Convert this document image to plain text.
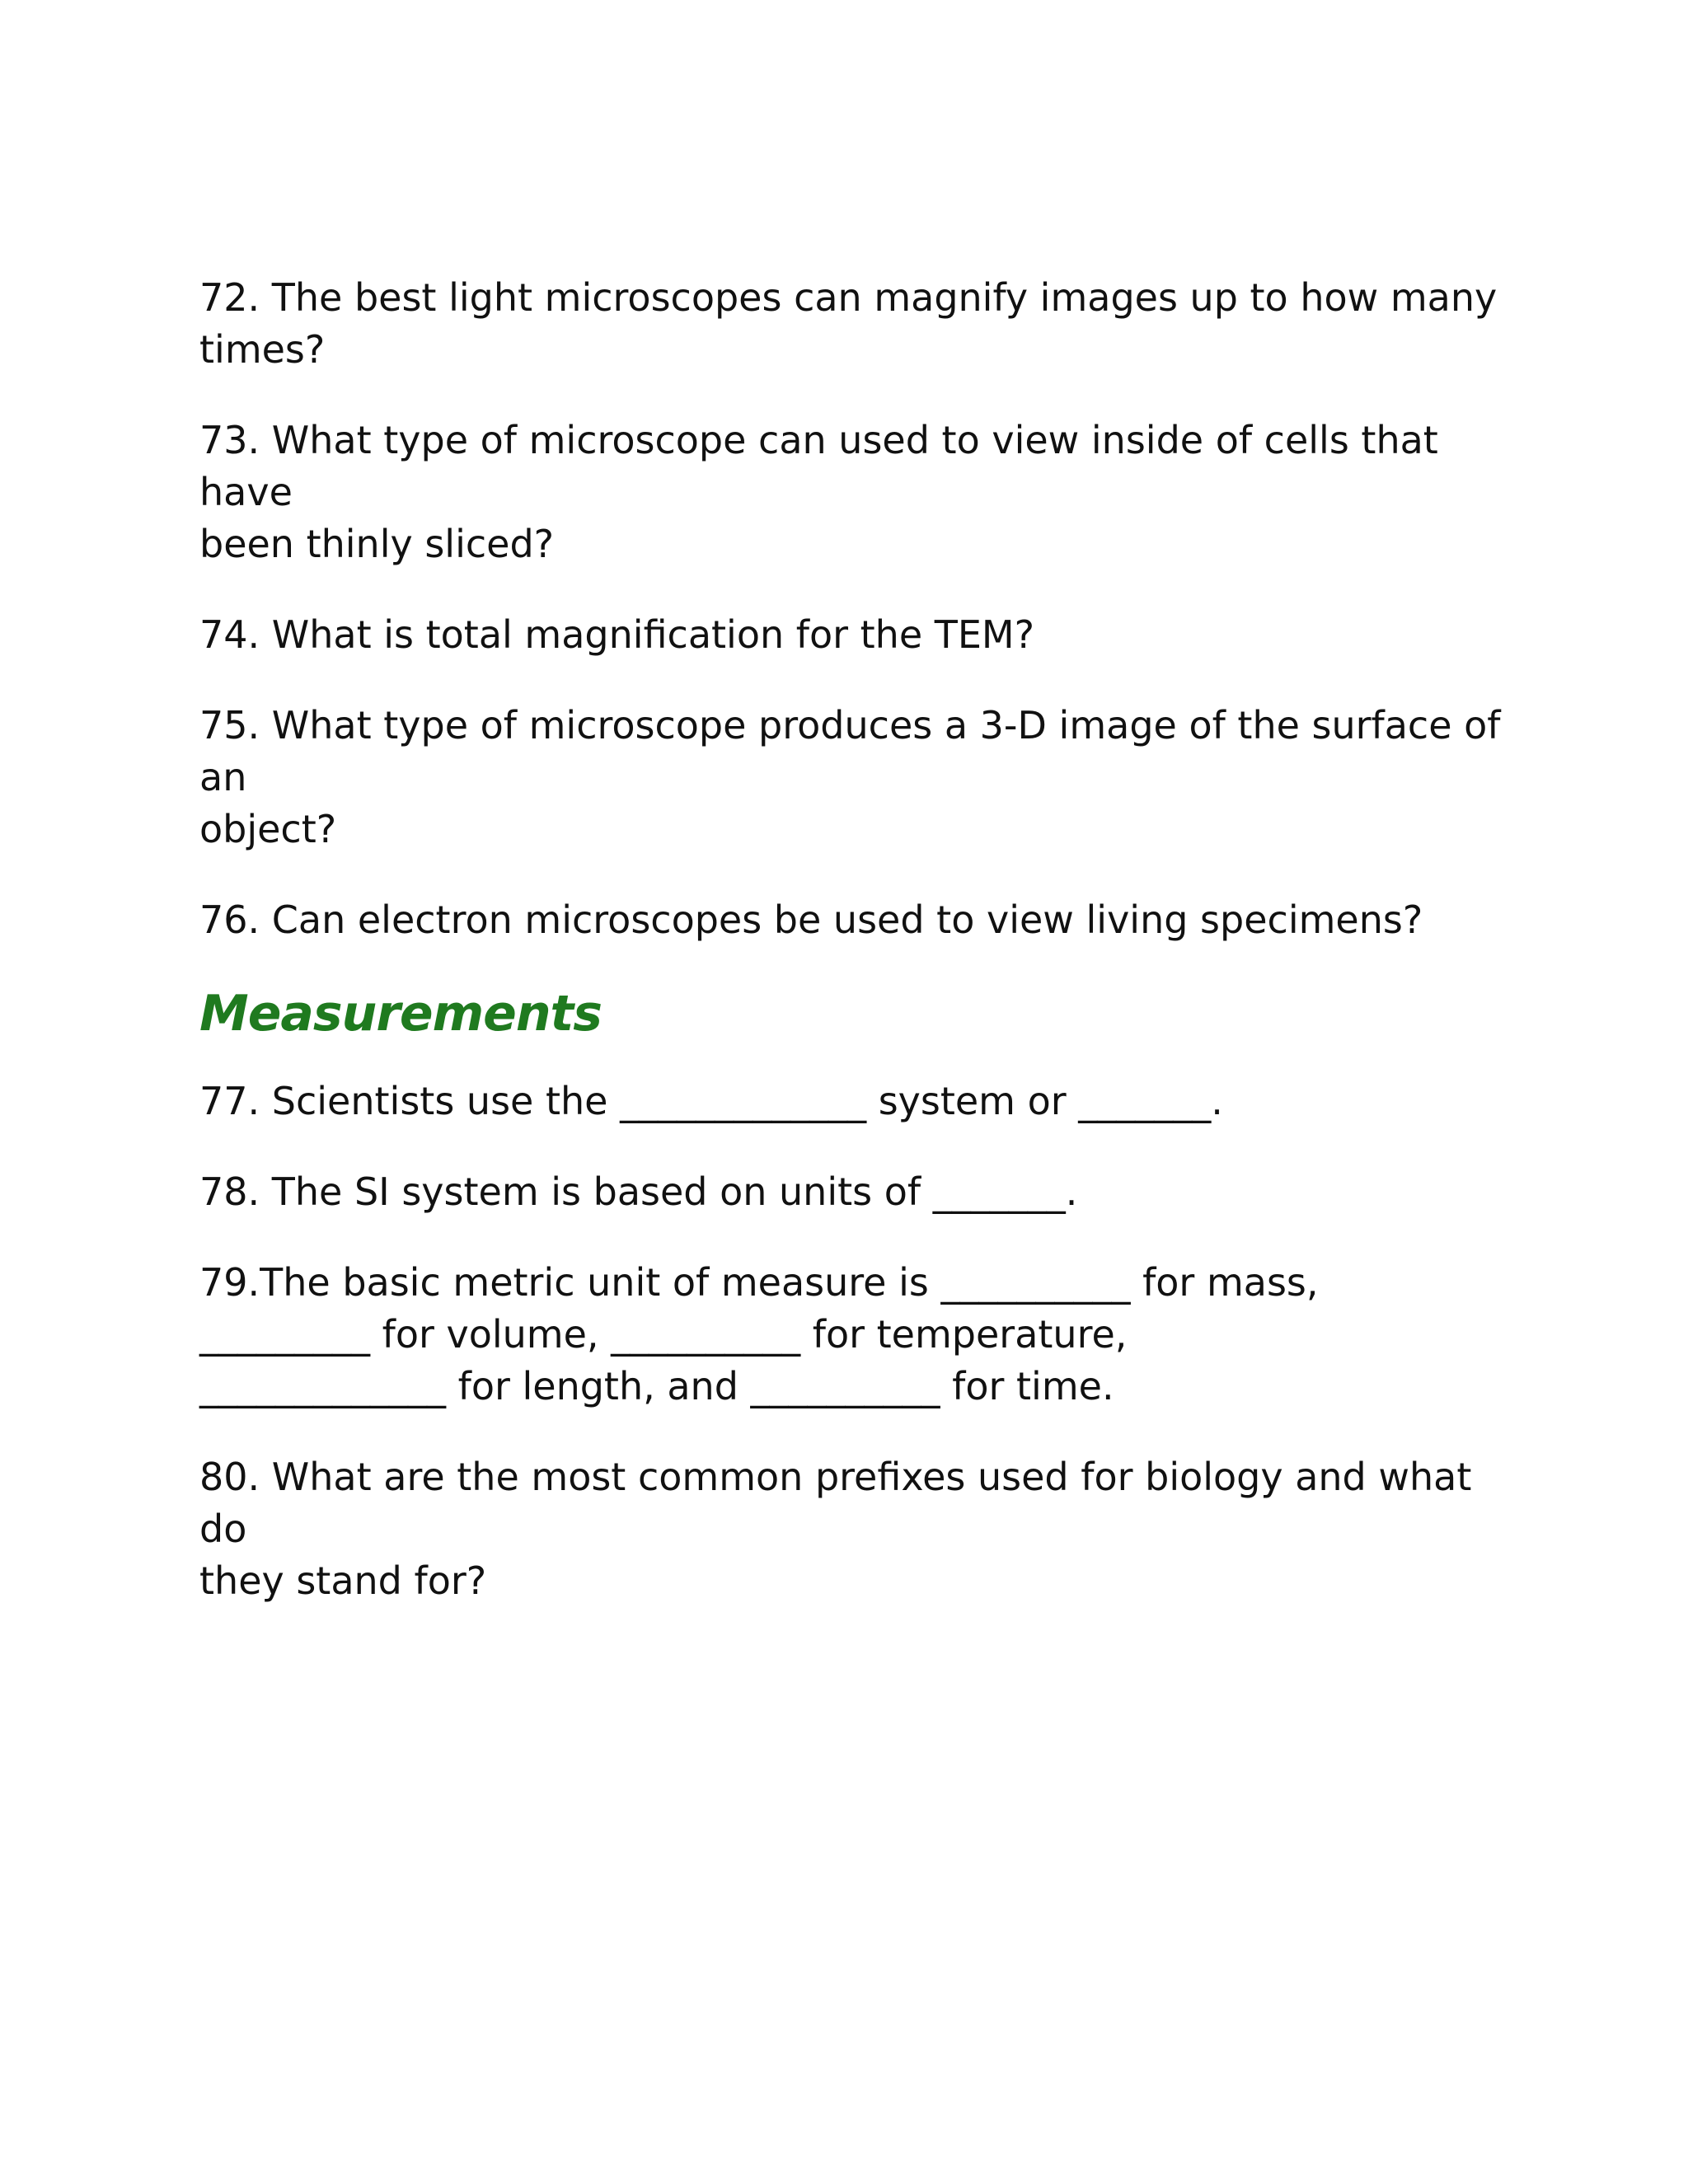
72. The best light microscopes can magnify images up to how many times?

73. What type of microscope can used to view inside of cells that have
been thinly sliced?

74. What is total magnification for the TEM?

75. What type of microscope produces a 3-D image of the surface of an
object?

76. Can electron microscopes be used to view living specimens?

Measurements

77. Scientists use the _____________ system or _______.

78. The SI system is based on units of _______.

79.The basic metric unit of measure is __________ for mass,
_________ for volume, __________ for temperature,
_____________ for length, and __________ for time.

80. What are the most common prefixes used for biology and what do
they stand for?
